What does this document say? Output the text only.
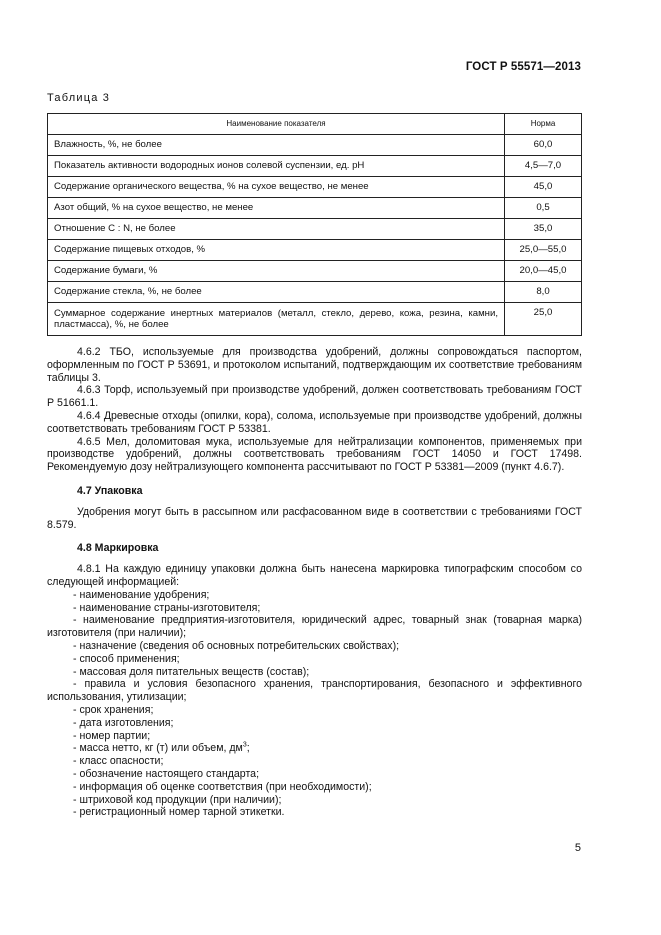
ГОСТ Р 55571—2013
Таблица 3
Наименование показателя	Норма
Влажность, %, не более	60,0
Показатель активности водородных ионов солевой суспензии, ед. pH	4,5—7,0
Содержание органического вещества, % на сухое вещество, не менее	45,0
Азот общий, % на сухое вещество, не менее	0,5
Отношение C : N, не более	35,0
Содержание пищевых отходов, %	25,0—55,0
Содержание бумаги, %	20,0—45,0
Содержание стекла, %, не более	8,0
Суммарное содержание инертных материалов (металл, стекло, дерево, кожа, резина, камни, пластмасса), %, не более	25,0

4.6.2 ТБО, используемые для производства удобрений, должны сопровождаться паспортом, оформленным по ГОСТ Р 53691, и протоколом испытаний, подтверждающим их соответствие требованиям таблицы 3.

4.6.3 Торф, используемый при производстве удобрений, должен соответствовать требованиям ГОСТ Р 51661.1.

4.6.4 Древесные отходы (опилки, кора), солома, используемые при производстве удобрений, должны соответствовать требованиям ГОСТ Р 53381.

4.6.5 Мел, доломитовая мука, используемые для нейтрализации компонентов, применяемых при производстве удобрений, должны соответствовать требованиям ГОСТ 14050 и ГОСТ 17498. Рекомендуемую дозу нейтрализующего компонента рассчитывают по ГОСТ Р 53381—2009 (пункт 4.6.7).

4.7 Упаковка

Удобрения могут быть в рассыпном или расфасованном виде в соответствии с требованиями ГОСТ 8.579.

4.8 Маркировка

4.8.1 На каждую единицу упаковки должна быть нанесена маркировка типографским способом со следующей информацией:

- наименование удобрения;

- наименование страны-изготовителя;

- наименование предприятия-изготовителя, юридический адрес, товарный знак (товарная марка) изготовителя (при наличии);

- назначение (сведения об основных потребительских свойствах);

- способ применения;

- массовая доля питательных веществ (состав);

- правила и условия безопасного хранения, транспортирования, безопасного и эффективного использования, утилизации;

- срок хранения;

- дата изготовления;

- номер партии;

- масса нетто, кг (т) или объем, $дм^3$;

- класс опасности;

- обозначение настоящего стандарта;

- информация об оценке соответствия (при необходимости);

- штриховой код продукции (при наличии);

- регистрационный номер тарной этикетки.

5
